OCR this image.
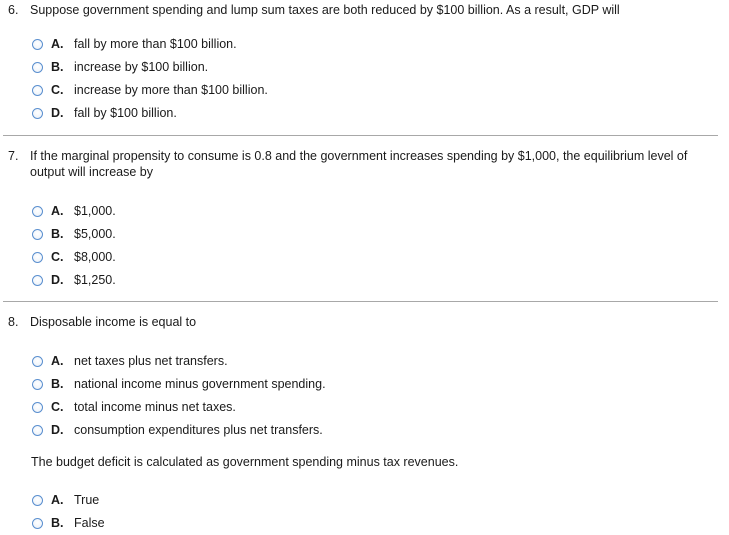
6. Suppose government spending and lump sum taxes are both reduced by $100 billion. As a result, GDP will
A. fall by more than $100 billion.
B. increase by $100 billion.
C. increase by more than $100 billion.
D. fall by $100 billion.
7. If the marginal propensity to consume is 0.8 and the government increases spending by $1,000, the equilibrium level of output will increase by
A. $1,000.
B. $5,000.
C. $8,000.
D. $1,250.
8. Disposable income is equal to
A. net taxes plus net transfers.
B. national income minus government spending.
C. total income minus net taxes.
D. consumption expenditures plus net transfers.
The budget deficit is calculated as government spending minus tax revenues.
A. True
B. False
